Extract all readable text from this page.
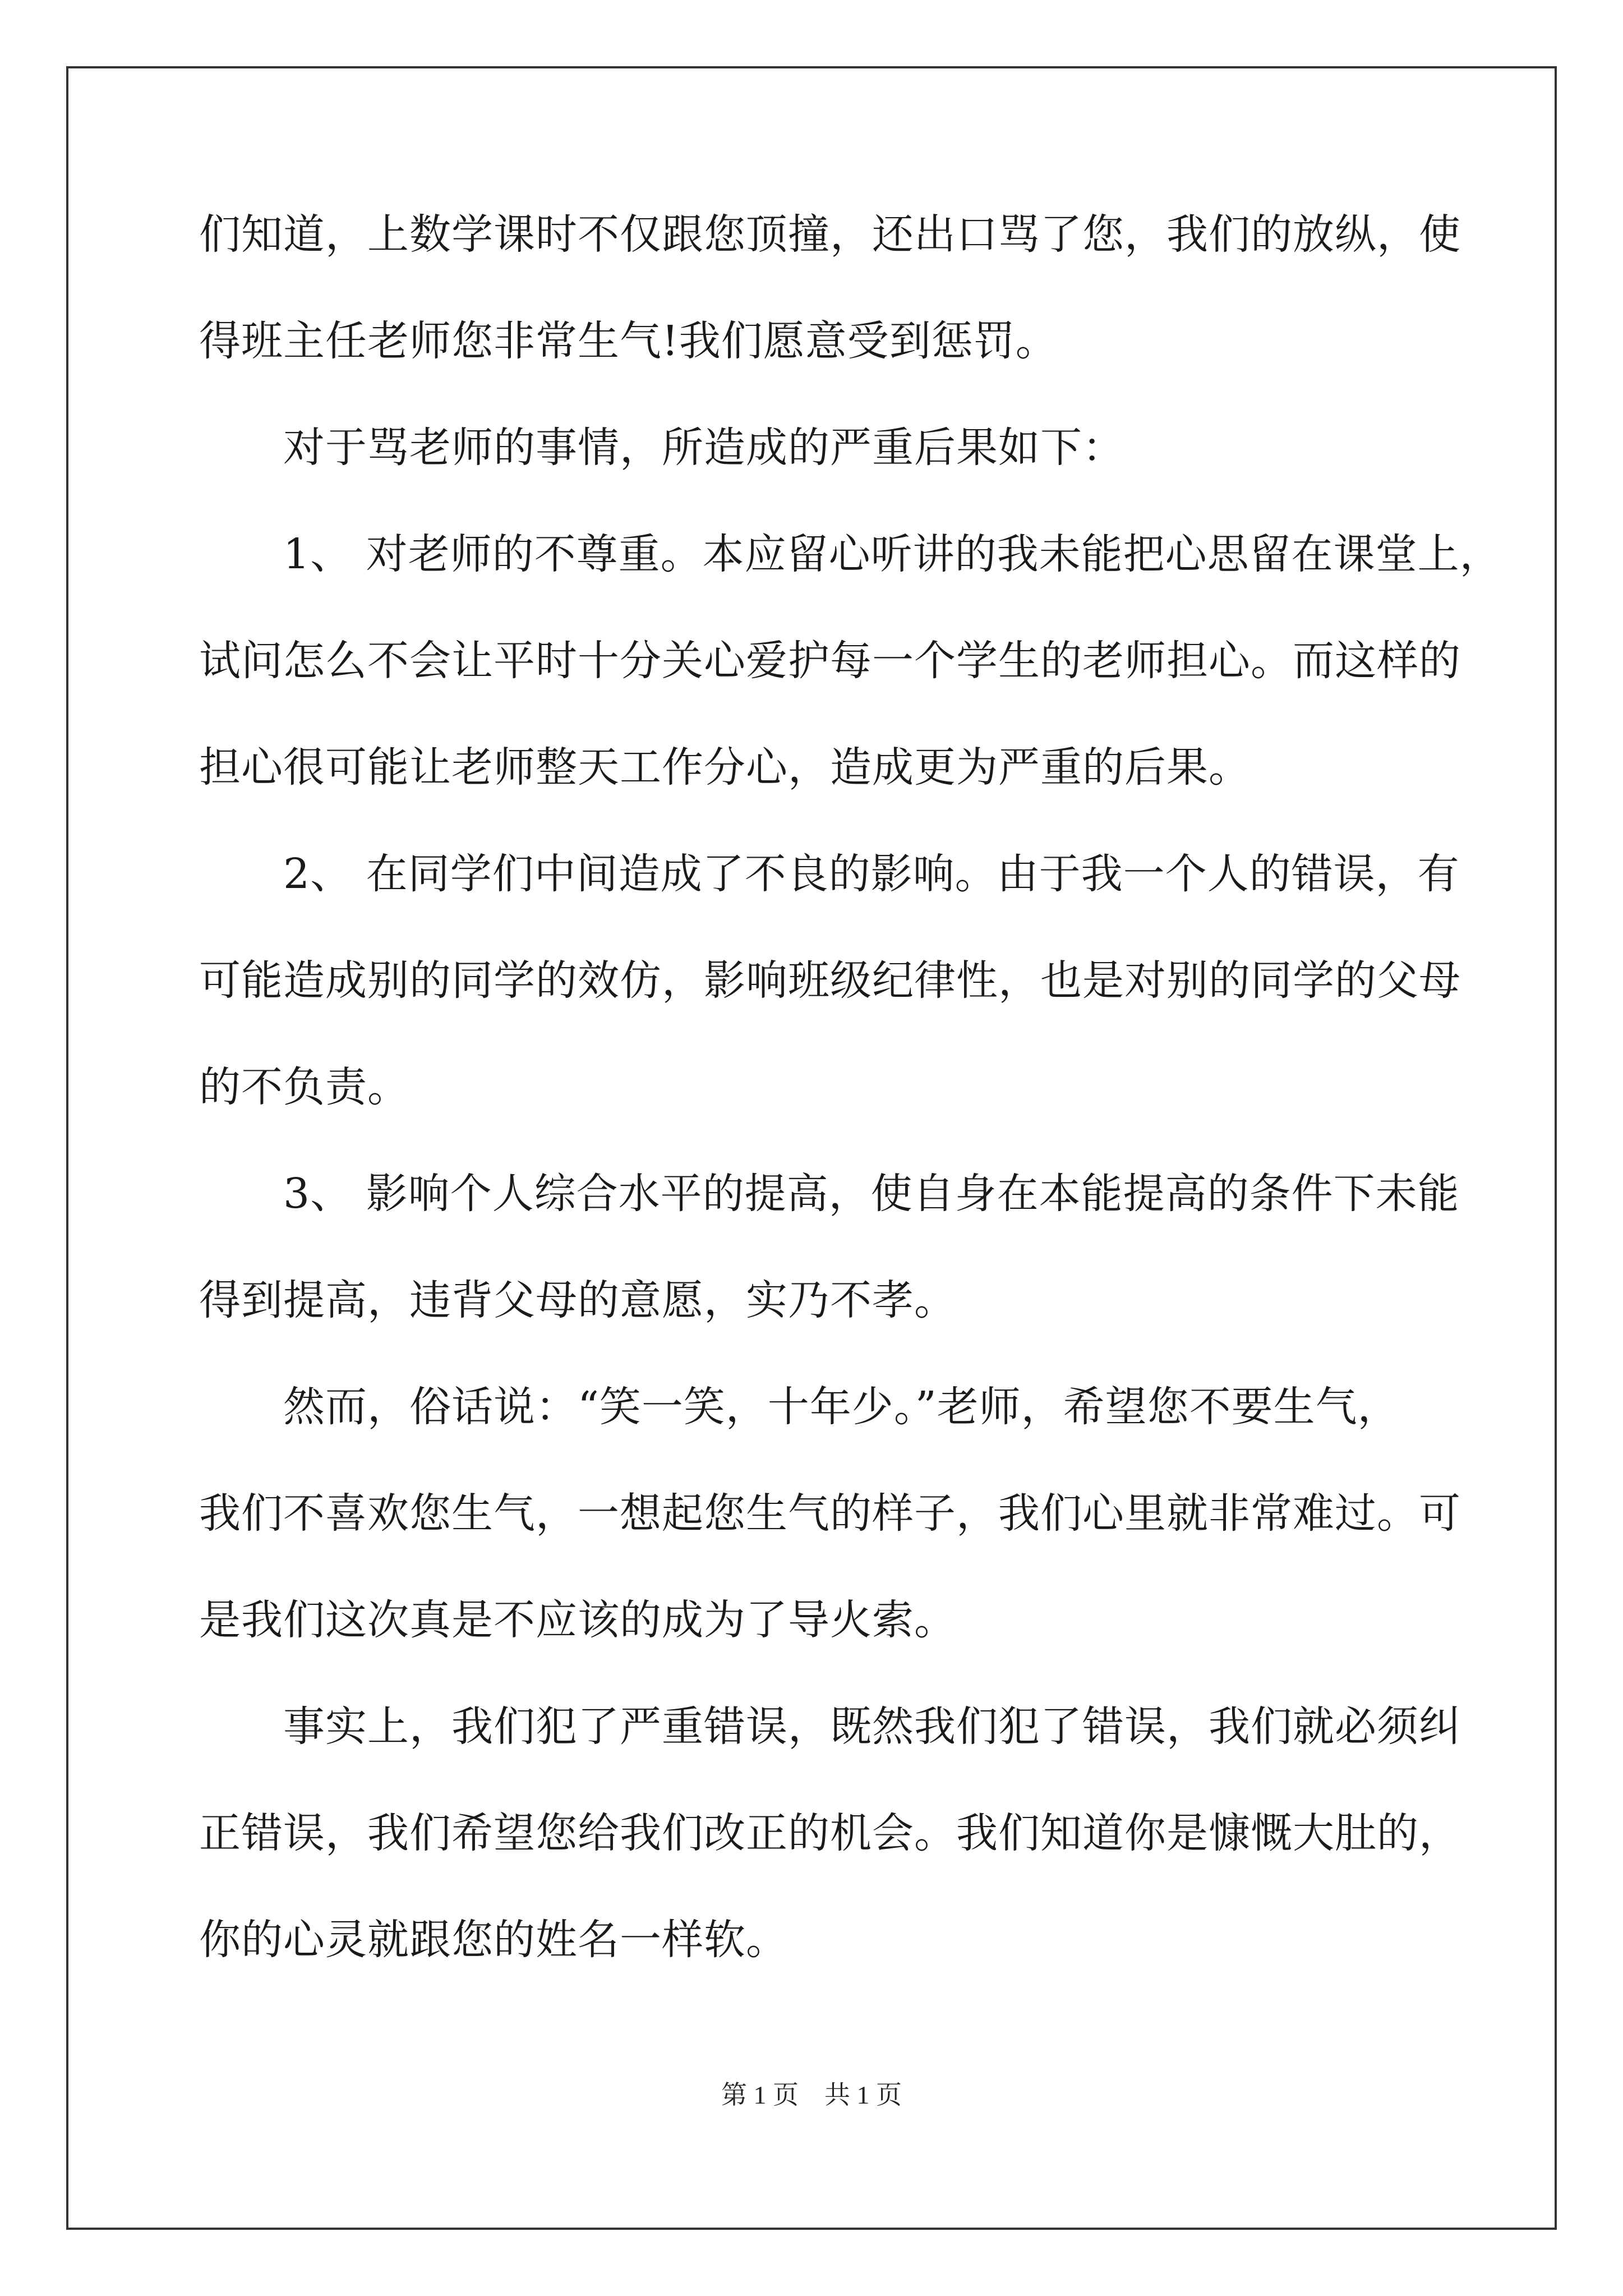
们知道，上数学课时不仅跟您顶撞，还出口骂了您，我们的放纵，使
得班主任老师您非常生气!我们愿意受到惩罚。
对于骂老师的事情，所造成的严重后果如下：
1、 对老师的不尊重。本应留心听讲的我未能把心思留在课堂上，
试问怎么不会让平时十分关心爱护每一个学生的老师担心。而这样的
担心很可能让老师整天工作分心，造成更为严重的后果。
2、 在同学们中间造成了不良的影响。由于我一个人的错误，有
可能造成别的同学的效仿，影响班级纪律性，也是对别的同学的父母
的不负责。
3、 影响个人综合水平的提高，使自身在本能提高的条件下未能
得到提高，违背父母的意愿，实乃不孝。
然而，俗话说：“笑一笑，十年少。”老师，希望您不要生气，
我们不喜欢您生气，一想起您生气的样子，我们心里就非常难过。可
是我们这次真是不应该的成为了导火索。
事实上，我们犯了严重错误，既然我们犯了错误，我们就必须纠
正错误，我们希望您给我们改正的机会。我们知道你是慷慨大肚的，
你的心灵就跟您的姓名一样软。
第 1 页　共 1 页
